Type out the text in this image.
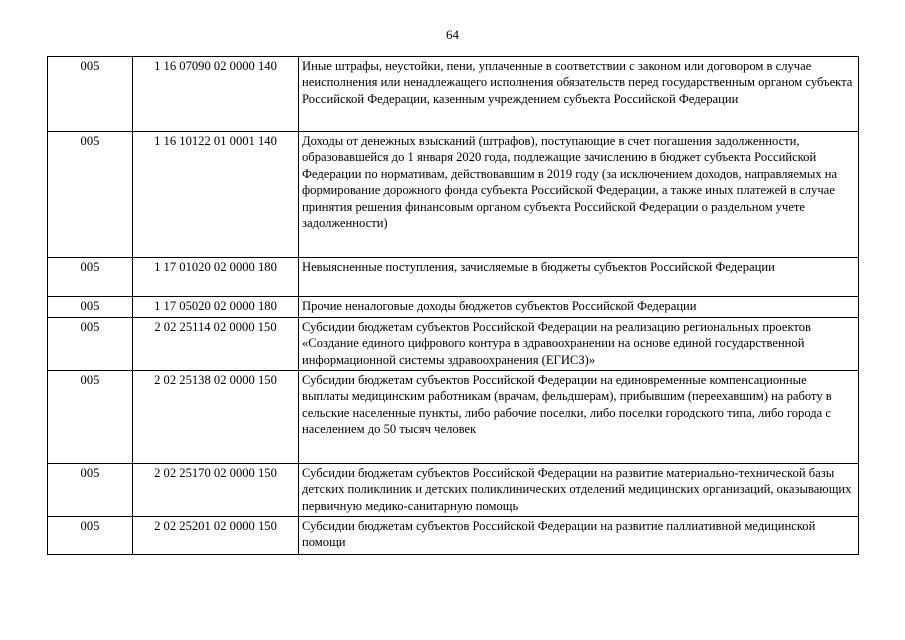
64
005	1 16 07090 02 0000 140	Иные штрафы, неустойки, пени, уплаченные в соответствии с законом или договором в случае неисполнения или ненадлежащего исполнения обязательств перед государственным органом субъекта Российской Федерации, казенным учреждением субъекта Российской Федерации
005	1 16 10122 01 0001 140	Доходы от денежных взысканий (штрафов), поступающие в счет погашения задолженности, образовавшейся до 1 января 2020 года, подлежащие зачислению в бюджет субъекта Российской Федерации по нормативам, действовавшим в 2019 году (за исключением доходов, направляемых на формирование дорожного фонда субъекта Российской Федерации, а также иных платежей в случае принятия решения финансовым органом субъекта Российской Федерации о раздельном учете задолженности)
005	1 17 01020 02 0000 180	Невыясненные поступления, зачисляемые в бюджеты субъектов Российской Федерации
005	1 17 05020 02 0000 180	Прочие неналоговые доходы бюджетов субъектов Российской Федерации
005	2 02 25114 02 0000 150	Субсидии бюджетам субъектов Российской Федерации на реализацию региональных проектов «Создание единого цифрового контура в здравоохранении на основе единой государственной информационной системы здравоохранения (ЕГИСЗ)»
005	2 02 25138 02 0000 150	Субсидии бюджетам субъектов Российской Федерации на единовременные компенсационные выплаты медицинским работникам (врачам, фельдшерам), прибывшим (переехавшим) на работу в сельские населенные пункты, либо рабочие поселки, либо поселки городского типа, либо города с населением до 50 тысяч человек
005	2 02 25170 02 0000 150	Субсидии бюджетам субъектов Российской Федерации на развитие материально-технической базы детских поликлиник и детских поликлинических отделений медицинских организаций, оказывающих первичную медико-санитарную помощь
005	2 02 25201 02 0000 150	Субсидии бюджетам субъектов Российской Федерации на развитие паллиативной медицинской помощи
